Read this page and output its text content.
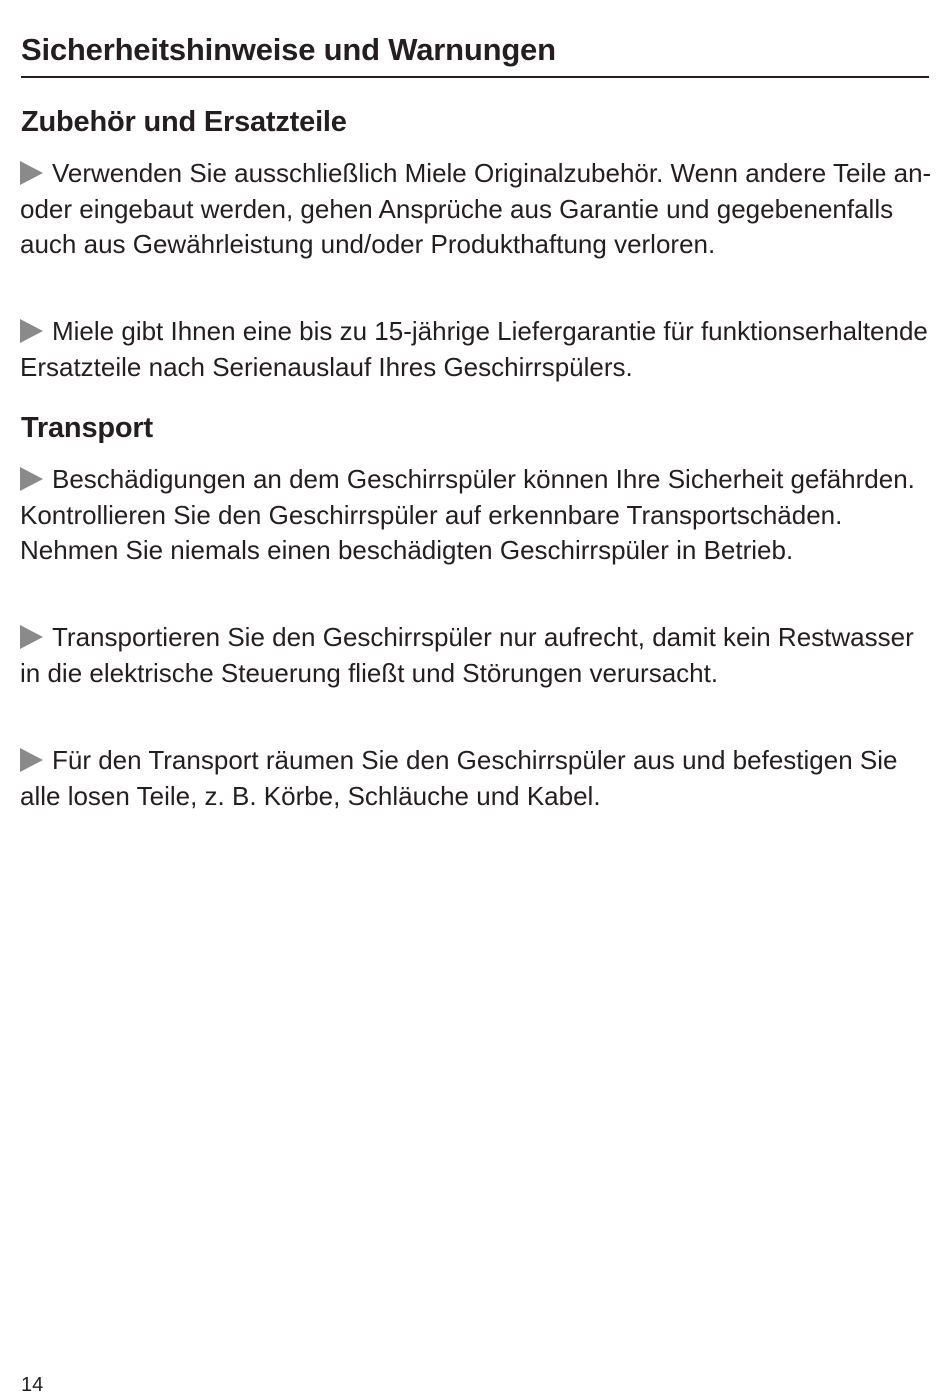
Sicherheitshinweise und Warnungen
Zubehör und Ersatzteile

Verwenden Sie ausschließlich Miele Originalzubehör. Wenn andere Teile an- oder eingebaut werden, gehen Ansprüche aus Garantie und gegebenenfalls auch aus Gewährleistung und/oder Produkthaftung verloren.

Miele gibt Ihnen eine bis zu 15-jährige Liefergarantie für funktionserhaltende Ersatzteile nach Serienauslauf Ihres Geschirrspülers.

Transport

Beschädigungen an dem Geschirrspüler können Ihre Sicherheit gefährden. Kontrollieren Sie den Geschirrspüler auf erkennbare Transportschäden. Nehmen Sie niemals einen beschädigten Geschirrspüler in Betrieb.

Transportieren Sie den Geschirrspüler nur aufrecht, damit kein Restwasser in die elektrische Steuerung fließt und Störungen verursacht.

Für den Transport räumen Sie den Geschirrspüler aus und befestigen Sie alle losen Teile, z. B. Körbe, Schläuche und Kabel.

14
